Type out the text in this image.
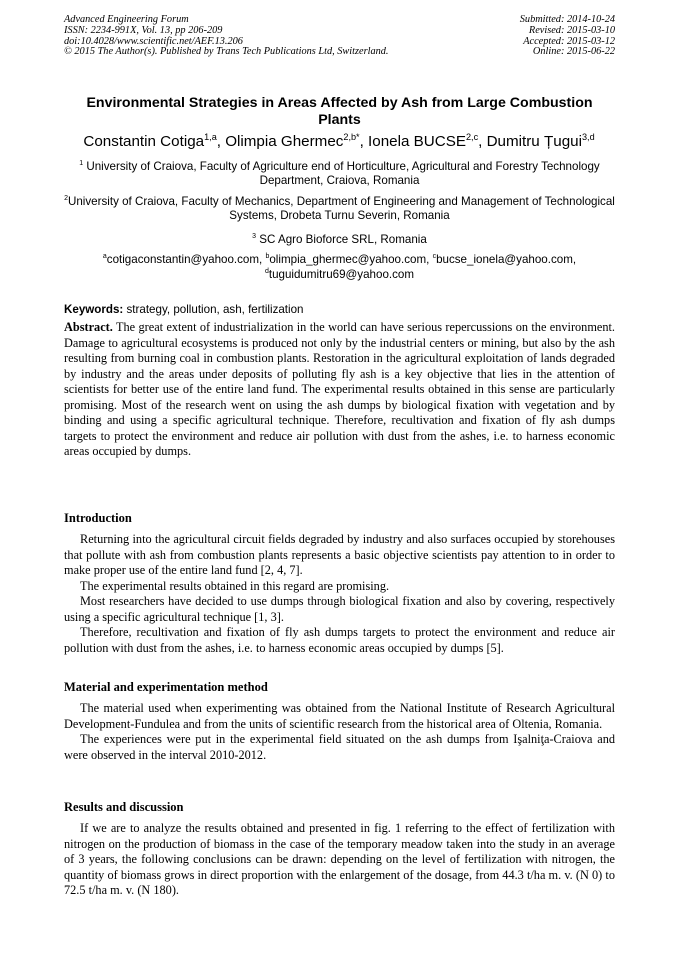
Advanced Engineering Forum
ISSN: 2234-991X, Vol. 13, pp 206-209
doi:10.4028/www.scientific.net/AEF.13.206
© 2015 The Author(s). Published by Trans Tech Publications Ltd, Switzerland.
Submitted: 2014-10-24
Revised: 2015-03-10
Accepted: 2015-03-12
Online: 2015-06-22
Environmental Strategies in Areas Affected by Ash from Large Combustion Plants
Constantin Cotiga$^{1,a}$, Olimpia Ghermec$^{2,b*}$, Ionela BUCSE$^{2,c}$, Dumitru Țugui$^{3,d}$
$^1$ University of Craiova, Faculty of Agriculture end of Horticulture, Agricultural and Forestry Technology Department, Craiova, Romania
$^2$University of Craiova, Faculty of Mechanics, Department of Engineering and Management of Technological Systems, Drobeta Turnu Severin, Romania
$^3$ SC Agro Bioforce SRL, Romania
$^a$cotigaconstantin@yahoo.com, $^b$olimpia_ghermec@yahoo.com, $^c$bucse_ionela@yahoo.com,
$^d$tuguidumitru69@yahoo.com
Keywords: strategy, pollution, ash, fertilization
Abstract. The great extent of industrialization in the world can have serious repercussions on the environment. Damage to agricultural ecosystems is produced not only by the industrial centers or mining, but also by the ash resulting from burning coal in combustion plants. Restoration in the agricultural exploitation of lands degraded by industry and the areas under deposits of polluting fly ash is a key objective that lies in the attention of scientists for better use of the entire land fund. The experimental results obtained in this sense are particularly promising. Most of the research went on using the ash dumps by biological fixation with vegetation and by binding and using a specific agricultural technique. Therefore, recultivation and fixation of fly ash dumps targets to protect the environment and reduce air pollution with dust from the ashes, i.e. to harness economic areas occupied by dumps.
Introduction

Returning into the agricultural circuit fields degraded by industry and also surfaces occupied by storehouses that pollute with ash from combustion plants represents a basic objective scientists pay attention to in order to make proper use of the entire land fund [2, 4, 7].

The experimental results obtained in this regard are promising.

Most researchers have decided to use dumps through biological fixation and also by covering, respectively using a specific agricultural technique [1, 3].

Therefore, recultivation and fixation of fly ash dumps targets to protect the environment and reduce air pollution with dust from the ashes, i.e. to harness economic areas occupied by dumps [5].

Material and experimentation method

The material used when experimenting was obtained from the National Institute of Research Agricultural Development-Fundulea and from the units of scientific research from the historical area of Oltenia, Romania.

The experiences were put in the experimental field situated on the ash dumps from Işalniţa-Craiova and were observed in the interval 2010-2012.

Results and discussion

If we are to analyze the results obtained and presented in fig. 1 referring to the effect of fertilization with nitrogen on the production of biomass in the case of the temporary meadow taken into the study in an average of 3 years, the following conclusions can be drawn: depending on the level of fertilization with nitrogen, the quantity of biomass grows in direct proportion with the enlargement of the dosage, from 44.3 t/ha m. v. (N 0) to 72.5 t/ha m. v. (N 180).
